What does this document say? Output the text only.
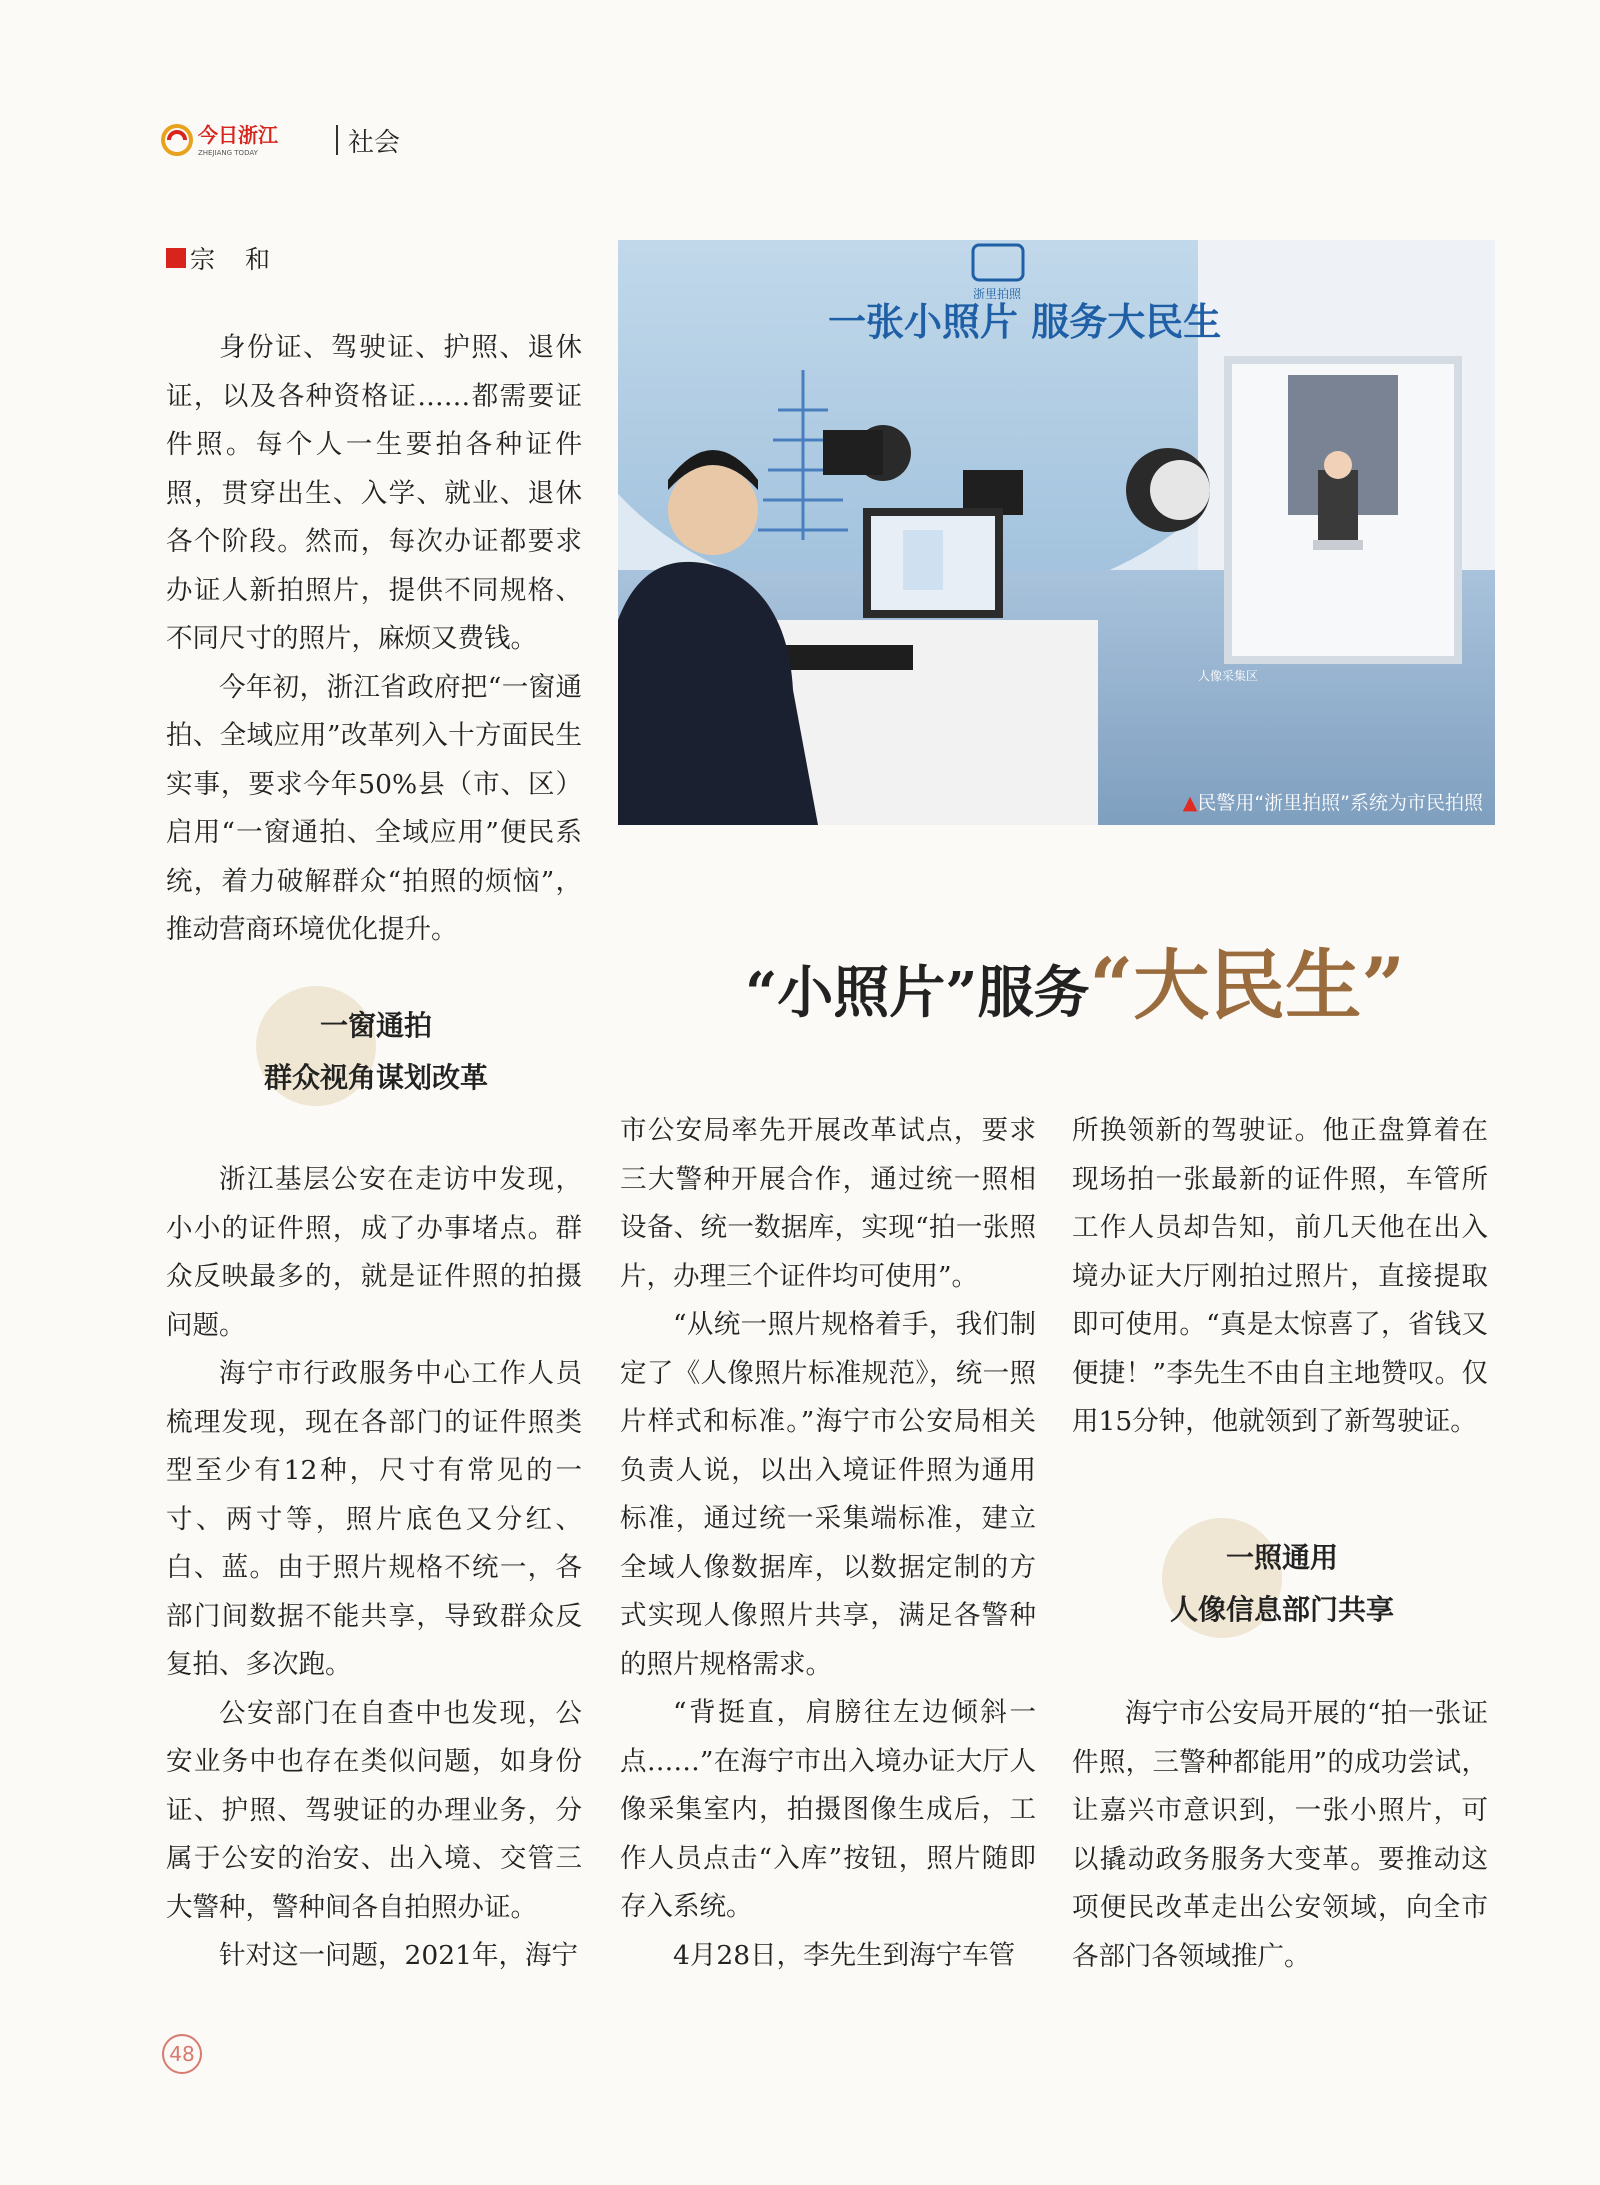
今日浙江
ZHEJIANG TODAY	社会
宗和

身份证、驾驶证、护照、退休证，以及各种资格证……都需要证件照。每个人一生要拍各种证件照，贯穿出生、入学、就业、退休各个阶段。然而，每次办证都要求办证人新拍照片，提供不同规格、不同尺寸的照片，麻烦又费钱。

今年初，浙江省政府把“一窗通拍、全域应用”改革列入十方面民生实事，要求今年50%县（市、区）启用“一窗通拍、全域应用”便民系统，着力破解群众“拍照的烦恼”，推动营商环境优化提升。

一窗通拍
群众视角谋划改革

浙江基层公安在走访中发现，小小的证件照，成了办事堵点。群众反映最多的，就是证件照的拍摄问题。

海宁市行政服务中心工作人员梳理发现，现在各部门的证件照类型至少有12种，尺寸有常见的一寸、两寸等，照片底色又分红、白、蓝。由于照片规格不统一，各部门间数据不能共享，导致群众反复拍、多次跑。

公安部门在自查中也发现，公安业务中也存在类似问题，如身份证、护照、驾驶证的办理业务，分属于公安的治安、出入境、交管三大警种，警种间各自拍照办证。

针对这一问题，2021年，海宁

一张小照片 服务大民生
浙里拍照
人像采集区
▲民警用“浙里拍照”系统为市民拍照
“小照片”服务“大民生”

市公安局率先开展改革试点，要求三大警种开展合作，通过统一照相设备、统一数据库，实现“拍一张照片，办理三个证件均可使用”。

“从统一照片规格着手，我们制定了《人像照片标准规范》，统一照片样式和标准。”海宁市公安局相关负责人说，以出入境证件照为通用标准，通过统一采集端标准，建立全域人像数据库，以数据定制的方式实现人像照片共享，满足各警种的照片规格需求。

“背挺直，肩膀往左边倾斜一点……”在海宁市出入境办证大厅人像采集室内，拍摄图像生成后，工作人员点击“入库”按钮，照片随即存入系统。

4月28日，李先生到海宁车管

所换领新的驾驶证。他正盘算着在现场拍一张最新的证件照，车管所工作人员却告知，前几天他在出入境办证大厅刚拍过照片，直接提取即可使用。“真是太惊喜了，省钱又便捷！”李先生不由自主地赞叹。仅用15分钟，他就领到了新驾驶证。

一照通用
人像信息部门共享

海宁市公安局开展的“拍一张证件照，三警种都能用”的成功尝试，让嘉兴市意识到，一张小照片，可以撬动政务服务大变革。要推动这项便民改革走出公安领域，向全市各部门各领域推广。

48
